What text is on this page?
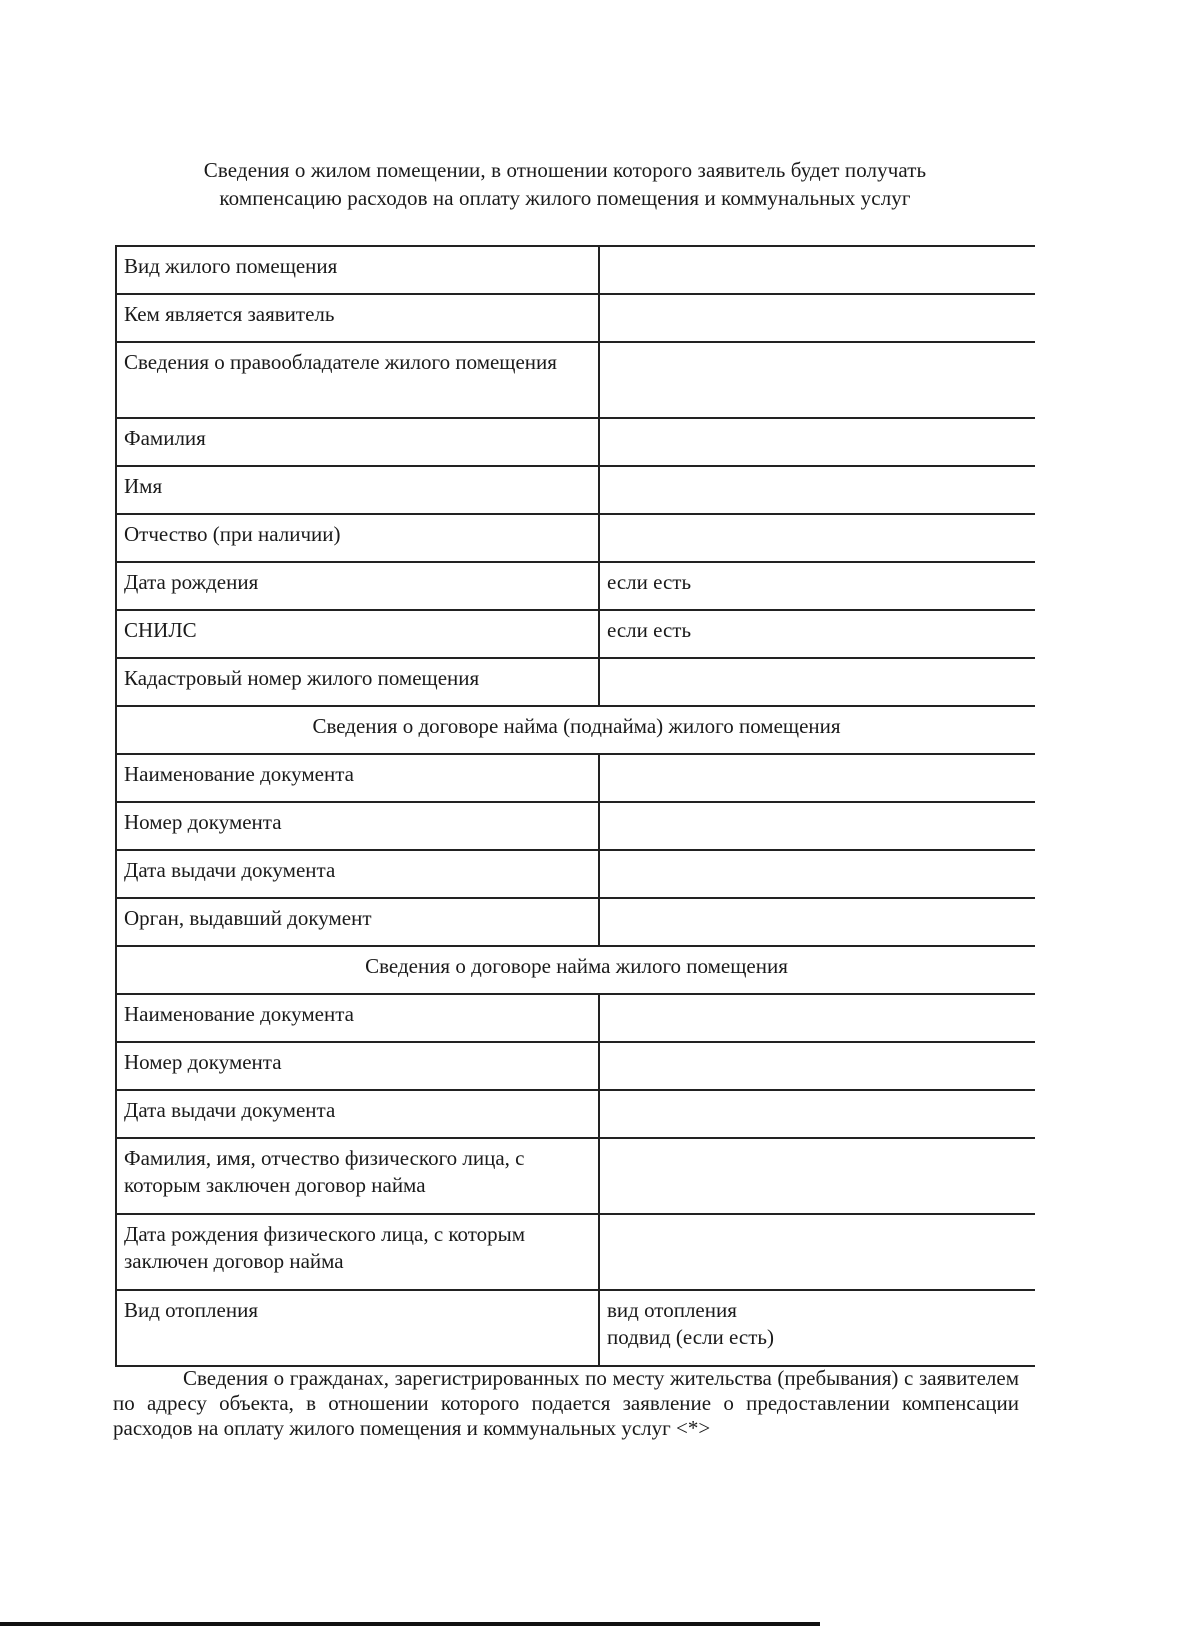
Сведения о жилом помещении, в отношении которого заявитель будет получать
компенсацию расходов на оплату жилого помещения и коммунальных услуг
Вид жилого помещения	
Кем является заявитель	
Сведения о правообладателе жилого помещения	
Фамилия	
Имя	
Отчество (при наличии)	
Дата рождения	если есть
СНИЛС	если есть
Кадастровый номер жилого помещения	
Сведения о договоре найма (поднайма) жилого помещения	
Наименование документа	
Номер документа	
Дата выдачи документа	
Орган, выдавший документ	
Сведения о договоре найма жилого помещения	
Наименование документа	
Номер документа	
Дата выдачи документа	
Фамилия, имя, отчество физического лица, с которым заключен договор найма	
Дата рождения физического лица, с которым заключен договор найма	
Вид отопления	вид отопления
подвид (если есть)
Сведения о гражданах, зарегистрированных по месту жительства (пребывания) с заявителем по адресу объекта, в отношении которого подается заявление о предоставлении компенсации расходов на оплату жилого помещения и коммунальных услуг <*>
